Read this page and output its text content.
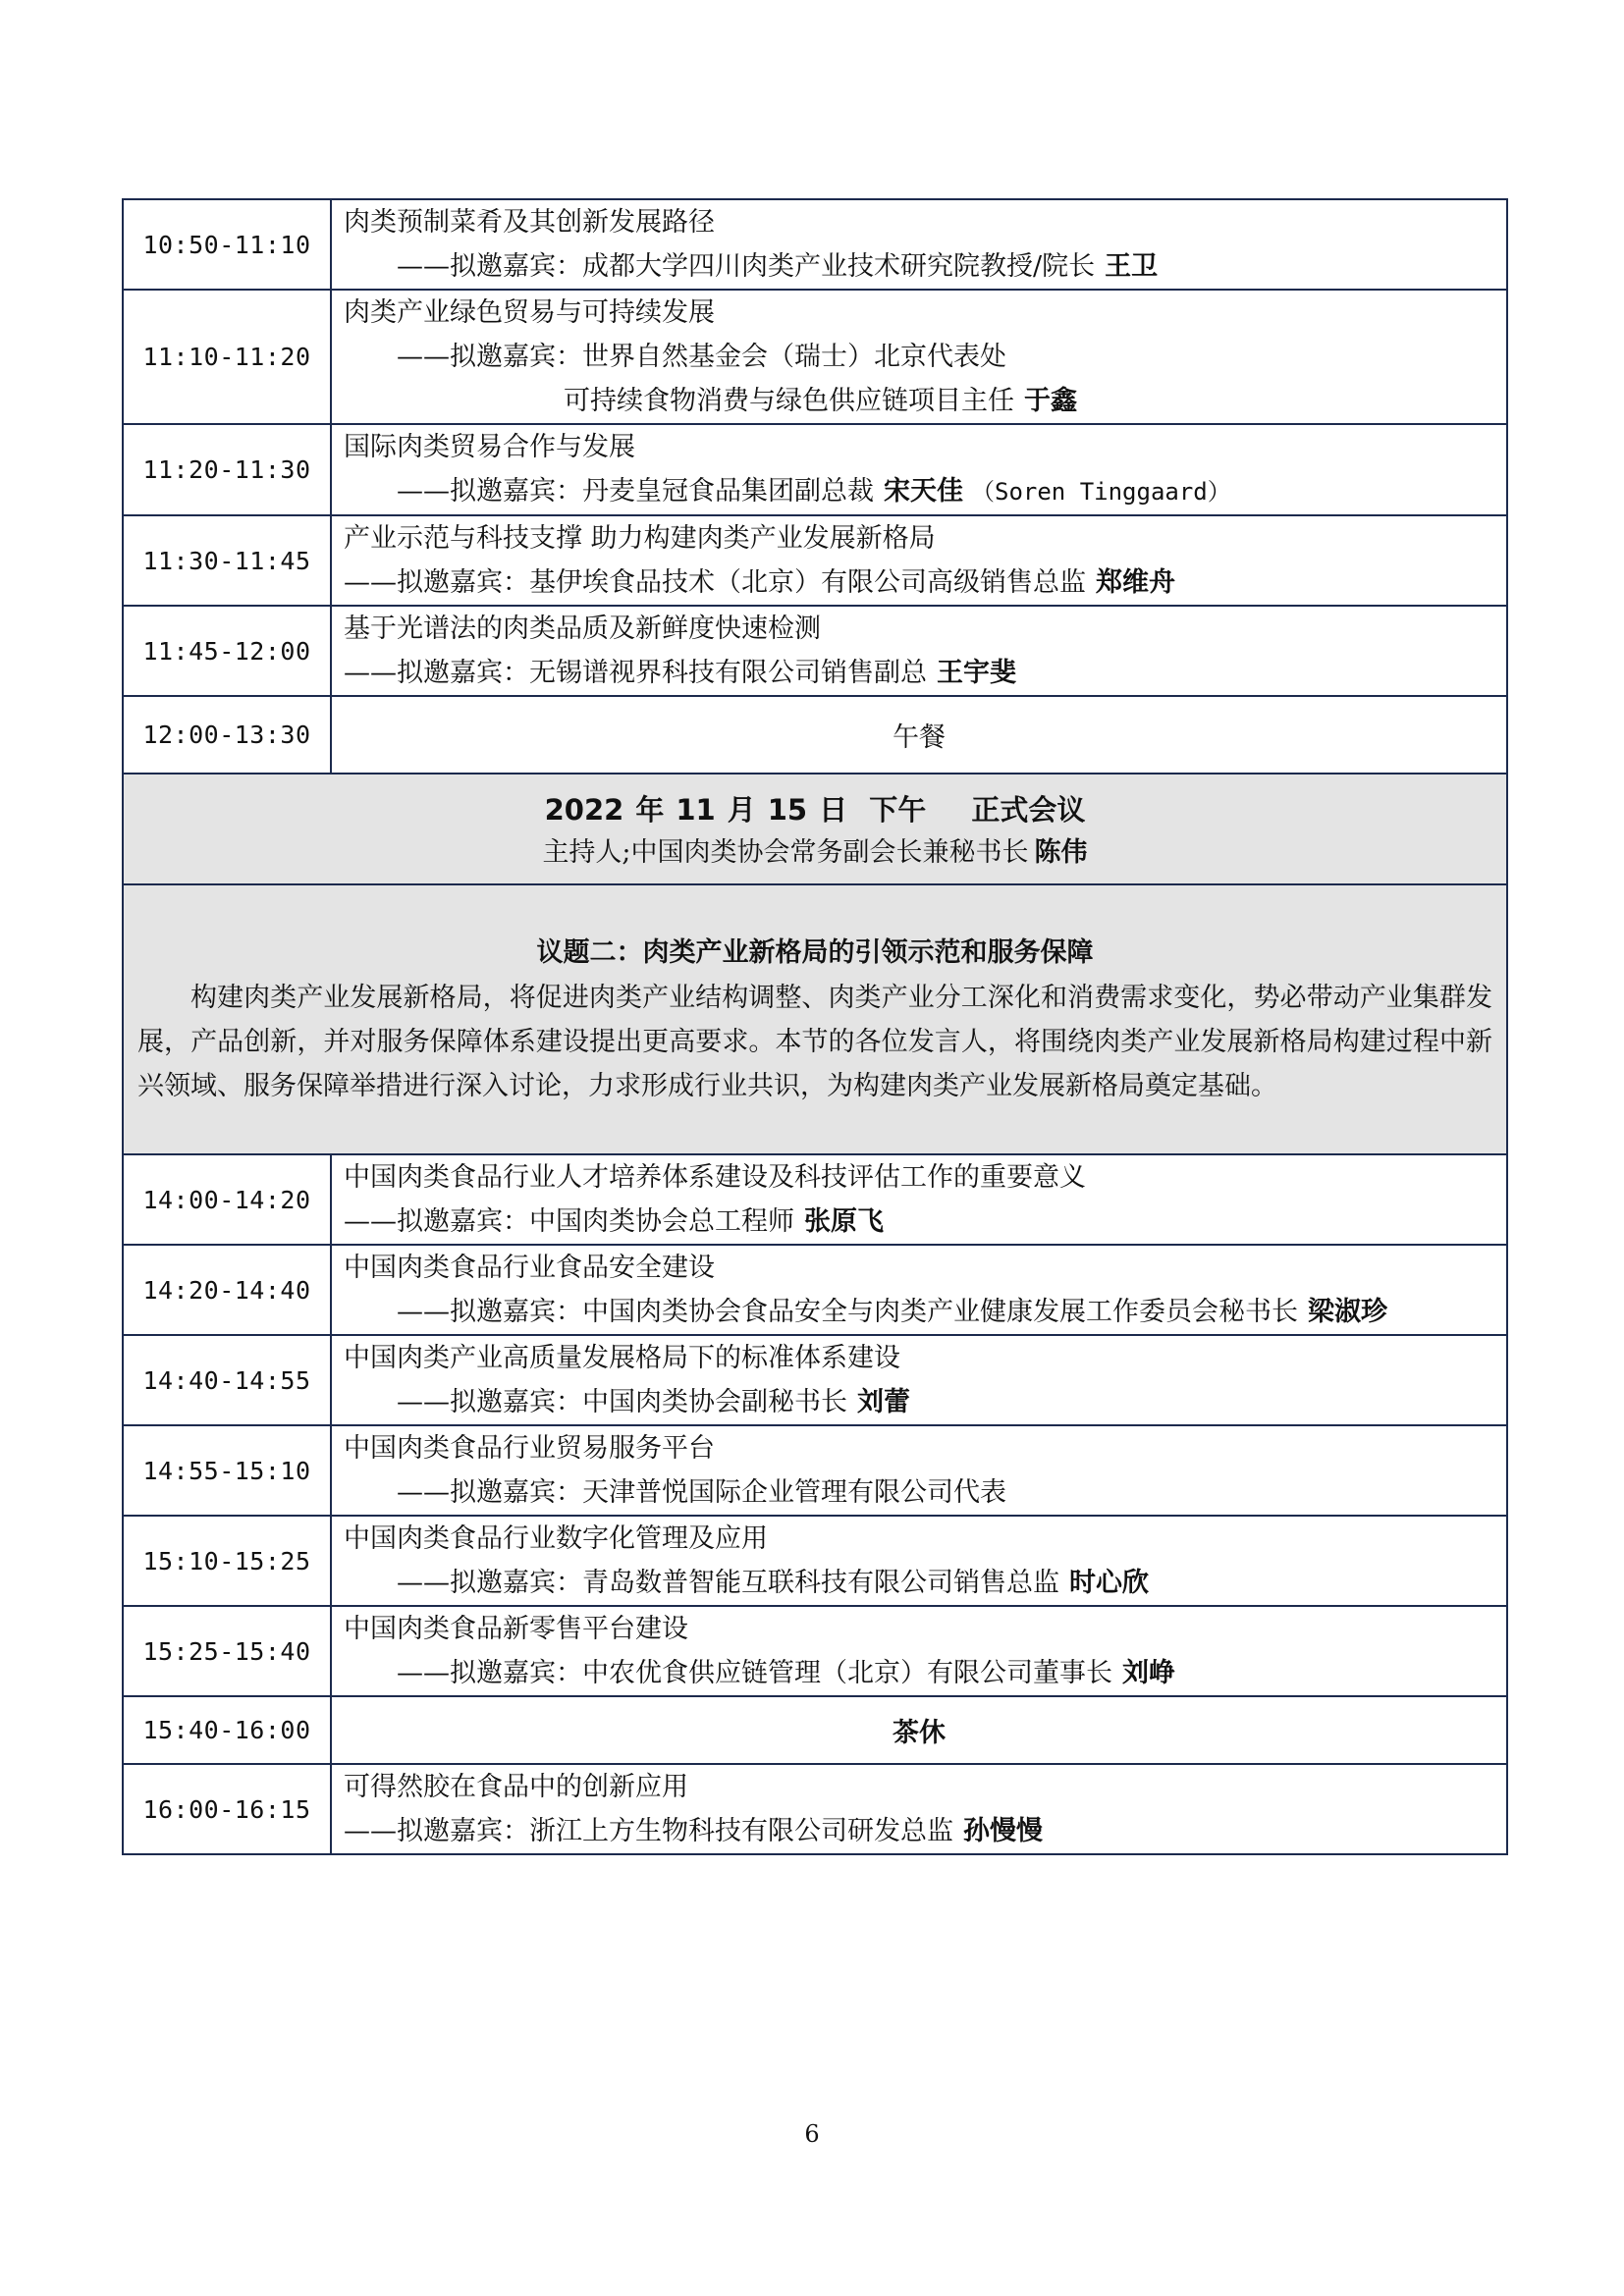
10:50-11:10	肉类预制菜肴及其创新发展路径
——拟邀嘉宾：成都大学四川肉类产业技术研究院教授/院长 王卫

11:10-11:20	肉类产业绿色贸易与可持续发展
——拟邀嘉宾：世界自然基金会（瑞士）北京代表处
可持续食物消费与绿色供应链项目主任 于鑫

11:20-11:30	国际肉类贸易合作与发展
——拟邀嘉宾：丹麦皇冠食品集团副总裁 宋天佳 （Soren Tinggaard）

11:30-11:45	产业示范与科技支撑 助力构建肉类产业发展新格局
——拟邀嘉宾：基伊埃食品技术（北京）有限公司高级销售总监 郑维舟

11:45-12:00	基于光谱法的肉类品质及新鲜度快速检测
——拟邀嘉宾：无锡谱视界科技有限公司销售副总 王宇斐

12:00-13:30	午餐

2022 年 11 月 15 日 下午 正式会议
主持人;中国肉类协会常务副会长兼秘书长 陈伟	

议题二：肉类产业新格局的引领示范和服务保障

构建肉类产业发展新格局，将促进肉类产业结构调整、肉类产业分工深化和消费需求变化，势必带动产业集群发展，产品创新，并对服务保障体系建设提出更高要求。本节的各位发言人，将围绕肉类产业发展新格局构建过程中新兴领域、服务保障举措进行深入讨论，力求形成行业共识，为构建肉类产业发展新格局奠定基础。	

14:00-14:20	中国肉类食品行业人才培养体系建设及科技评估工作的重要意义
——拟邀嘉宾：中国肉类协会总工程师 张原飞

14:20-14:40	中国肉类食品行业食品安全建设
——拟邀嘉宾：中国肉类协会食品安全与肉类产业健康发展工作委员会秘书长 梁淑珍

14:40-14:55	中国肉类产业高质量发展格局下的标准体系建设
——拟邀嘉宾：中国肉类协会副秘书长 刘蕾

14:55-15:10	中国肉类食品行业贸易服务平台
——拟邀嘉宾：天津普悦国际企业管理有限公司代表

15:10-15:25	中国肉类食品行业数字化管理及应用
——拟邀嘉宾：青岛数普智能互联科技有限公司销售总监 时心欣

15:25-15:40	中国肉类食品新零售平台建设
——拟邀嘉宾：中农优食供应链管理（北京）有限公司董事长 刘峥

15:40-16:00	茶休
16:00-16:15	可得然胶在食品中的创新应用
——拟邀嘉宾：浙江上方生物科技有限公司研发总监 孙慢慢
6
